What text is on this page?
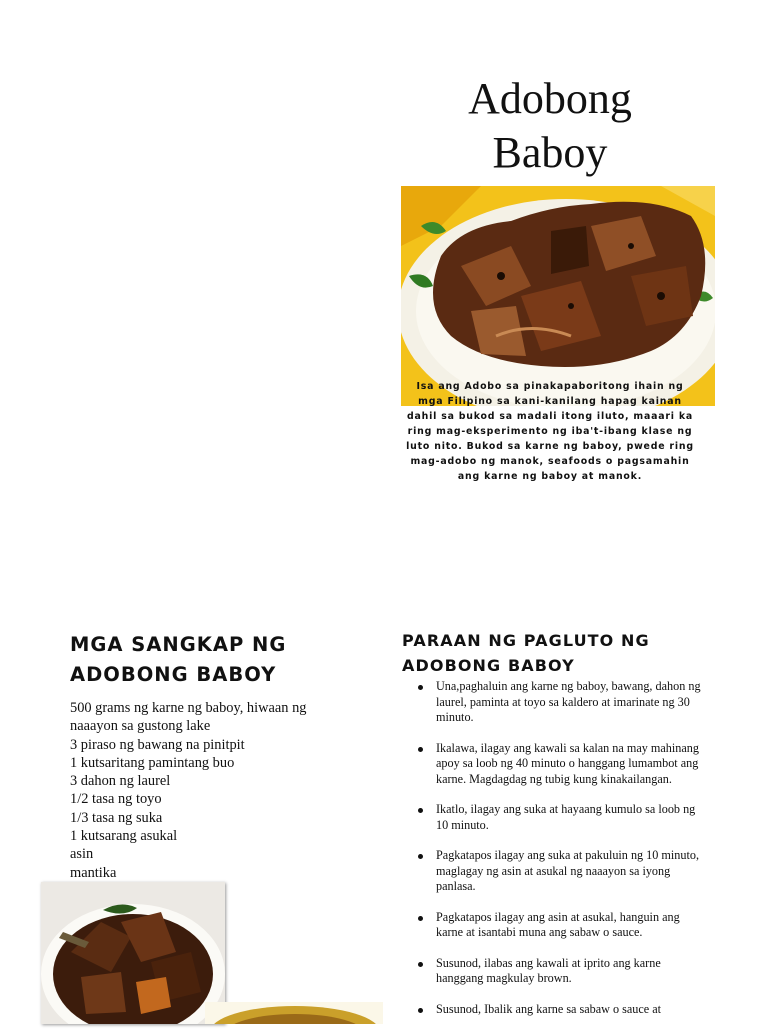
Adobong
Baboy
Isa ang Adobo sa pinakapaboritong ihain ng mga Filipino sa kani-kanilang hapag kainan dahil sa bukod sa madali itong iluto, maaari ka ring mag-eksperimento ng iba't-ibang klase ng luto nito. Bukod sa karne ng baboy, pwede ring mag-adobo ng manok, seafoods o pagsamahin ang karne ng baboy at manok.
MGA SANGKAP NG
ADOBONG BABOY
500 grams ng karne ng baboy, hiwaan ng naaayon sa gustong lake
3 piraso ng bawang na pinitpit
1 kutsaritang pamintang buo
3 dahon ng laurel
1/2 tasa ng toyo
1/3 tasa ng suka
1 kutsarang asukal
asin
mantika
PARAAN NG PAGLUTO NG
ADOBONG BABOY
Una,paghaluin ang karne ng baboy, bawang, dahon ng laurel, paminta at toyo sa kaldero at imarinate ng 30 minuto.
Ikalawa, ilagay ang kawali sa kalan na may mahinang apoy sa loob ng 40 minuto o hanggang lumambot ang karne. Magdagdag ng tubig kung kinakailangan.
Ikatlo, ilagay ang suka at hayaang kumulo sa loob ng 10 minuto.
Pagkatapos ilagay ang suka at pakuluin ng 10 minuto, maglagay ng asin at asukal ng naaayon sa iyong panlasa.
Pagkatapos ilagay ang asin at asukal, hanguin ang karne at isantabi muna ang sabaw o sauce.
Susunod, ilabas ang kawali at iprito ang karne hanggang magkulay brown.
Susunod, Ibalik ang karne sa sabaw o sauce at
